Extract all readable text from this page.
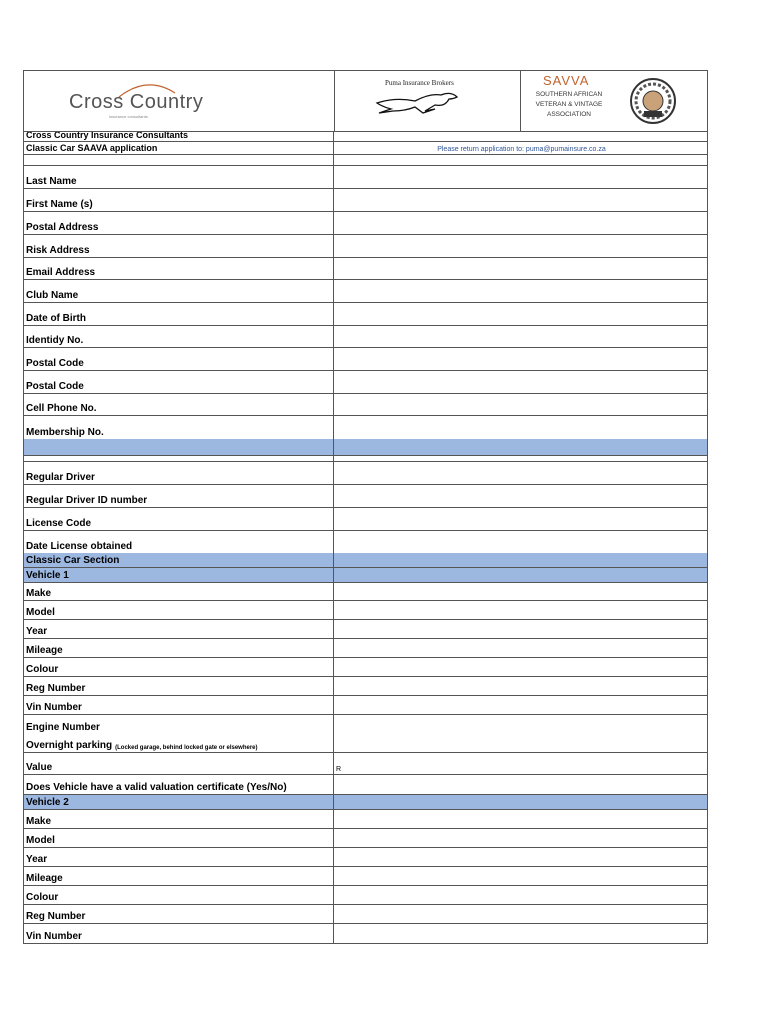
Cross Country
insurance consultants
Puma Insurance Brokers	SAVVA
SOUTHERN AFRICAN VETERAN & VINTAGE ASSOCIATION
Cross Country Insurance Consultants
Classic Car SAAVA application	Please return application to: puma@pumainsure.co.za
Last Name
First Name (s)
Postal Address
Risk Address
Email Address
Club Name
Date of Birth
Identidy No.
Postal Code
Postal Code
Cell Phone No.
Membership No.
Regular Driver
Regular Driver ID number
License Code
Date License obtained
Classic Car Section
Vehicle 1
Make
Model
Year
Mileage
Colour
Reg Number
Vin Number
Engine Number
Overnight parking (Locked garage, behind locked gate or elsewhere)
Value	R
Does Vehicle have a valid valuation certificate (Yes/No)
Vehicle 2
Make
Model
Year
Mileage
Colour
Reg Number
Vin Number
